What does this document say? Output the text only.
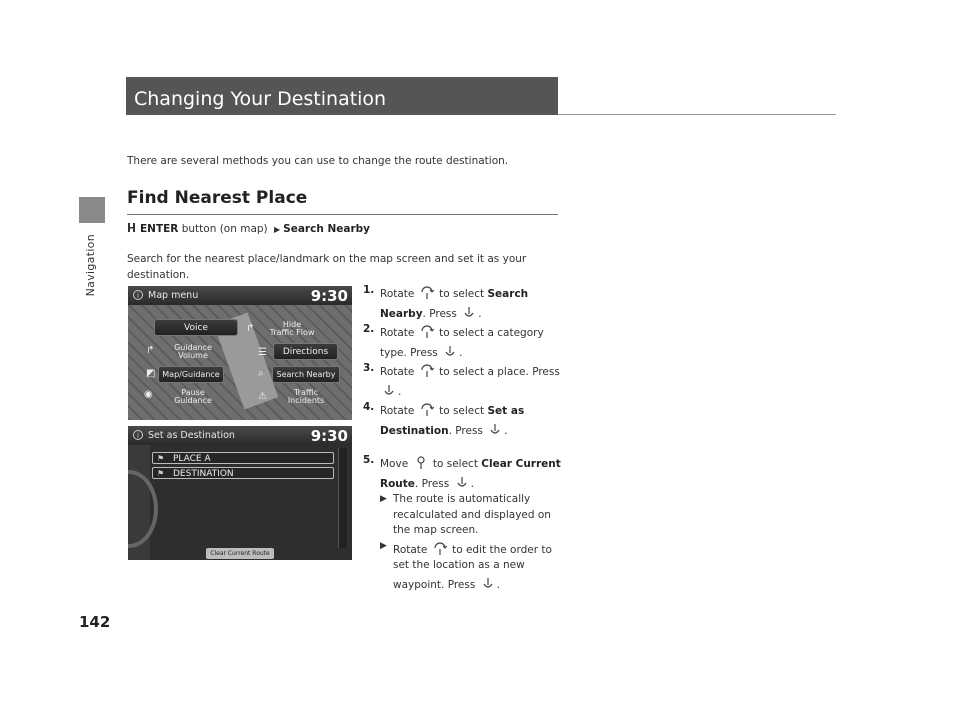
Navigation
142
Changing Your Destination
There are several methods you can use to change the route destination.
Find Nearest Place
ENTER button (on map) ▶ Search Nearby
Search for the nearest place/landmark on the map screen and set it as your destination.
i Map menu	9:30
Voice	↱	Hide
Traffic Flow
↱	Guidance
Volume	☰	Directions
◩ Map/Guidance	⌕	Search Nearby
◉	Pause
Guidance	⚠	Traffic
Incidents
i Set as Destination	9:30
⚑ PLACE A
⚑ DESTINATION
Clear Current Route
1. Rotate to select Search Nearby. Press .
2. Rotate to select a category type. Press .
3. Rotate to select a place. Press .
4. Rotate to select Set as Destination. Press .
5. Move to select Clear Current Route. Press .
▶ The route is automatically recalculated and displayed on the map screen.
▶ Rotate to edit the order to set the location as a new waypoint. Press .
